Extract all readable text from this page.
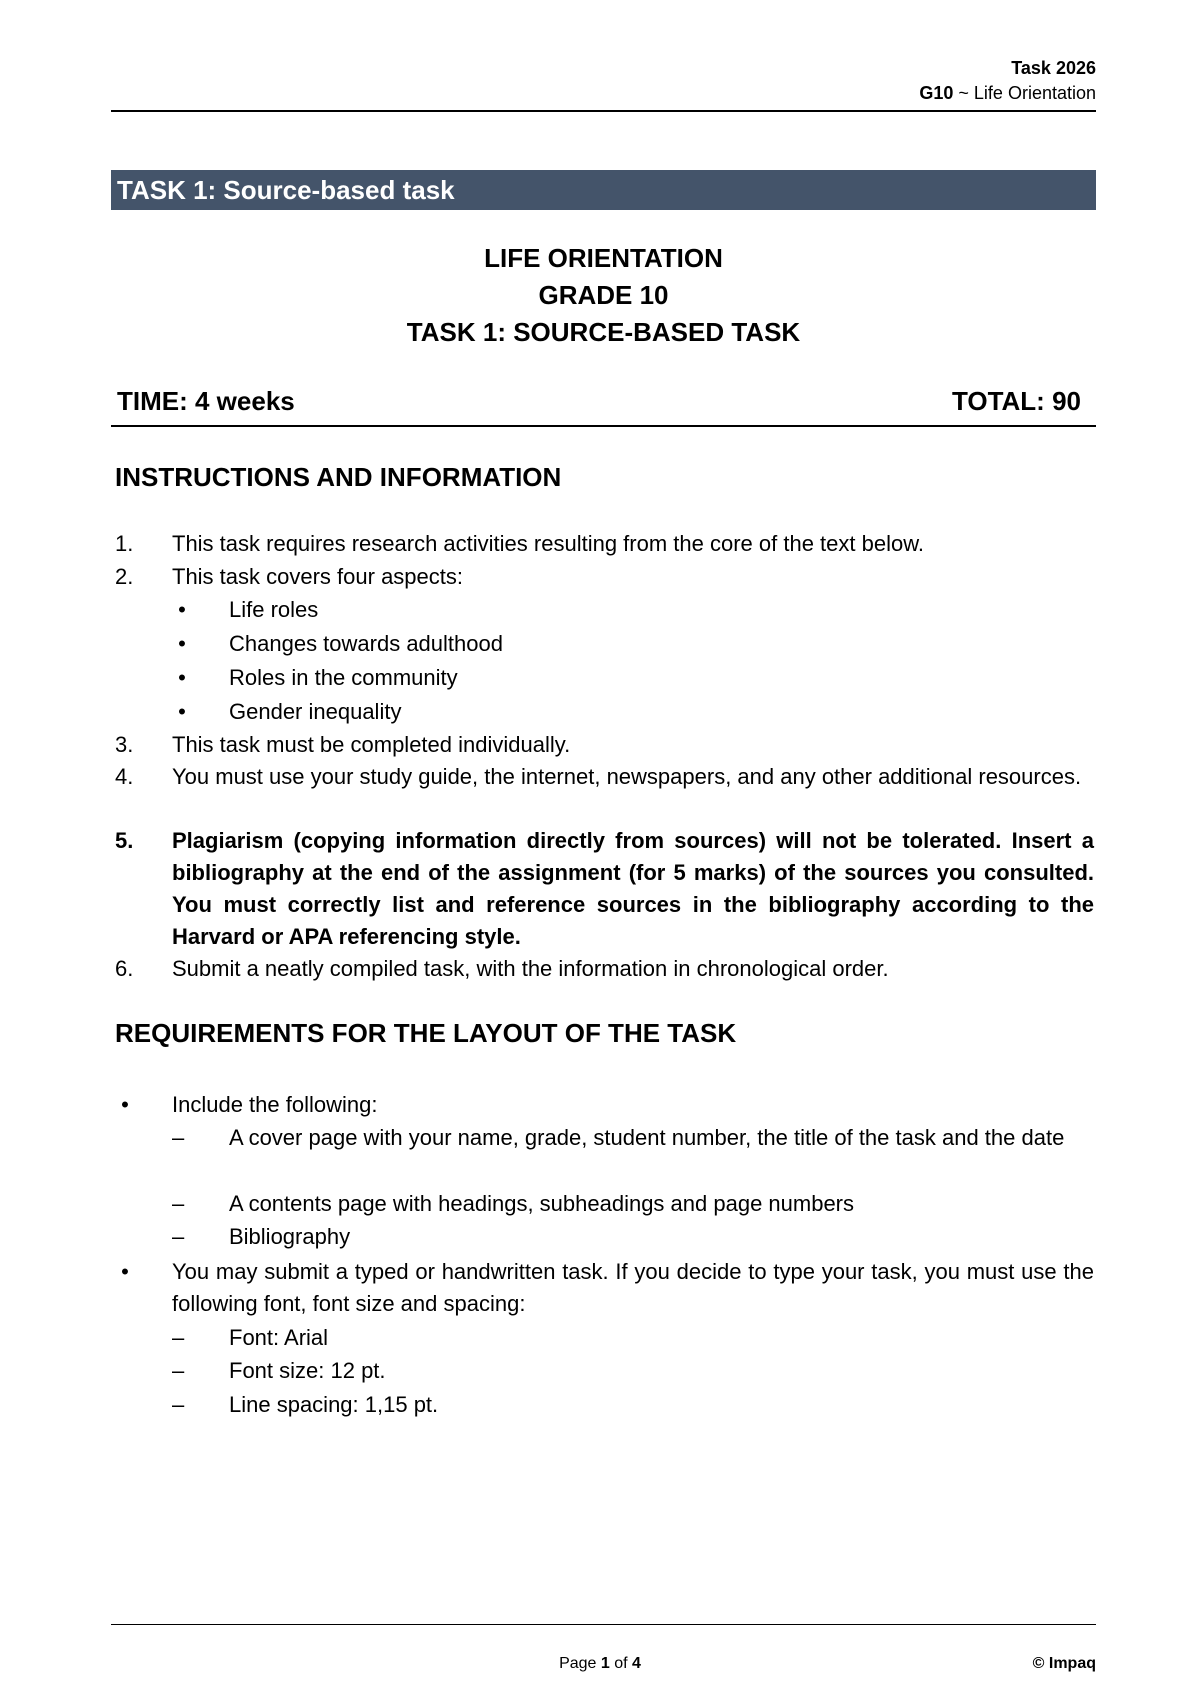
Task 2026
G10 ~ Life Orientation
TASK 1: Source-based task
LIFE ORIENTATION
GRADE 10
TASK 1: SOURCE-BASED TASK
TIME: 4 weeks	TOTAL: 90
INSTRUCTIONS AND INFORMATION
1.	This task requires research activities resulting from the core of the text below.
2.	This task covers four aspects:
• Life roles
• Changes towards adulthood
• Roles in the community
• Gender inequality
3.	This task must be completed individually.
4.	You must use your study guide, the internet, newspapers, and any other additional resources.
5.	Plagiarism (copying information directly from sources) will not be tolerated. Insert a bibliography at the end of the assignment (for 5 marks) of the sources you consulted. You must correctly list and reference sources in the bibliography according to the Harvard or APA referencing style.
6.	Submit a neatly compiled task, with the information in chronological order.
REQUIREMENTS FOR THE LAYOUT OF THE TASK
• Include the following:
–	A cover page with your name, grade, student number, the title of the task and the date
–	A contents page with headings, subheadings and page numbers
–	Bibliography
• You may submit a typed or handwritten task. If you decide to type your task, you must use the following font, font size and spacing:
–	Font: Arial
–	Font size: 12 pt.
–	Line spacing: 1,15 pt.
Page 1 of 4	© Impaq
